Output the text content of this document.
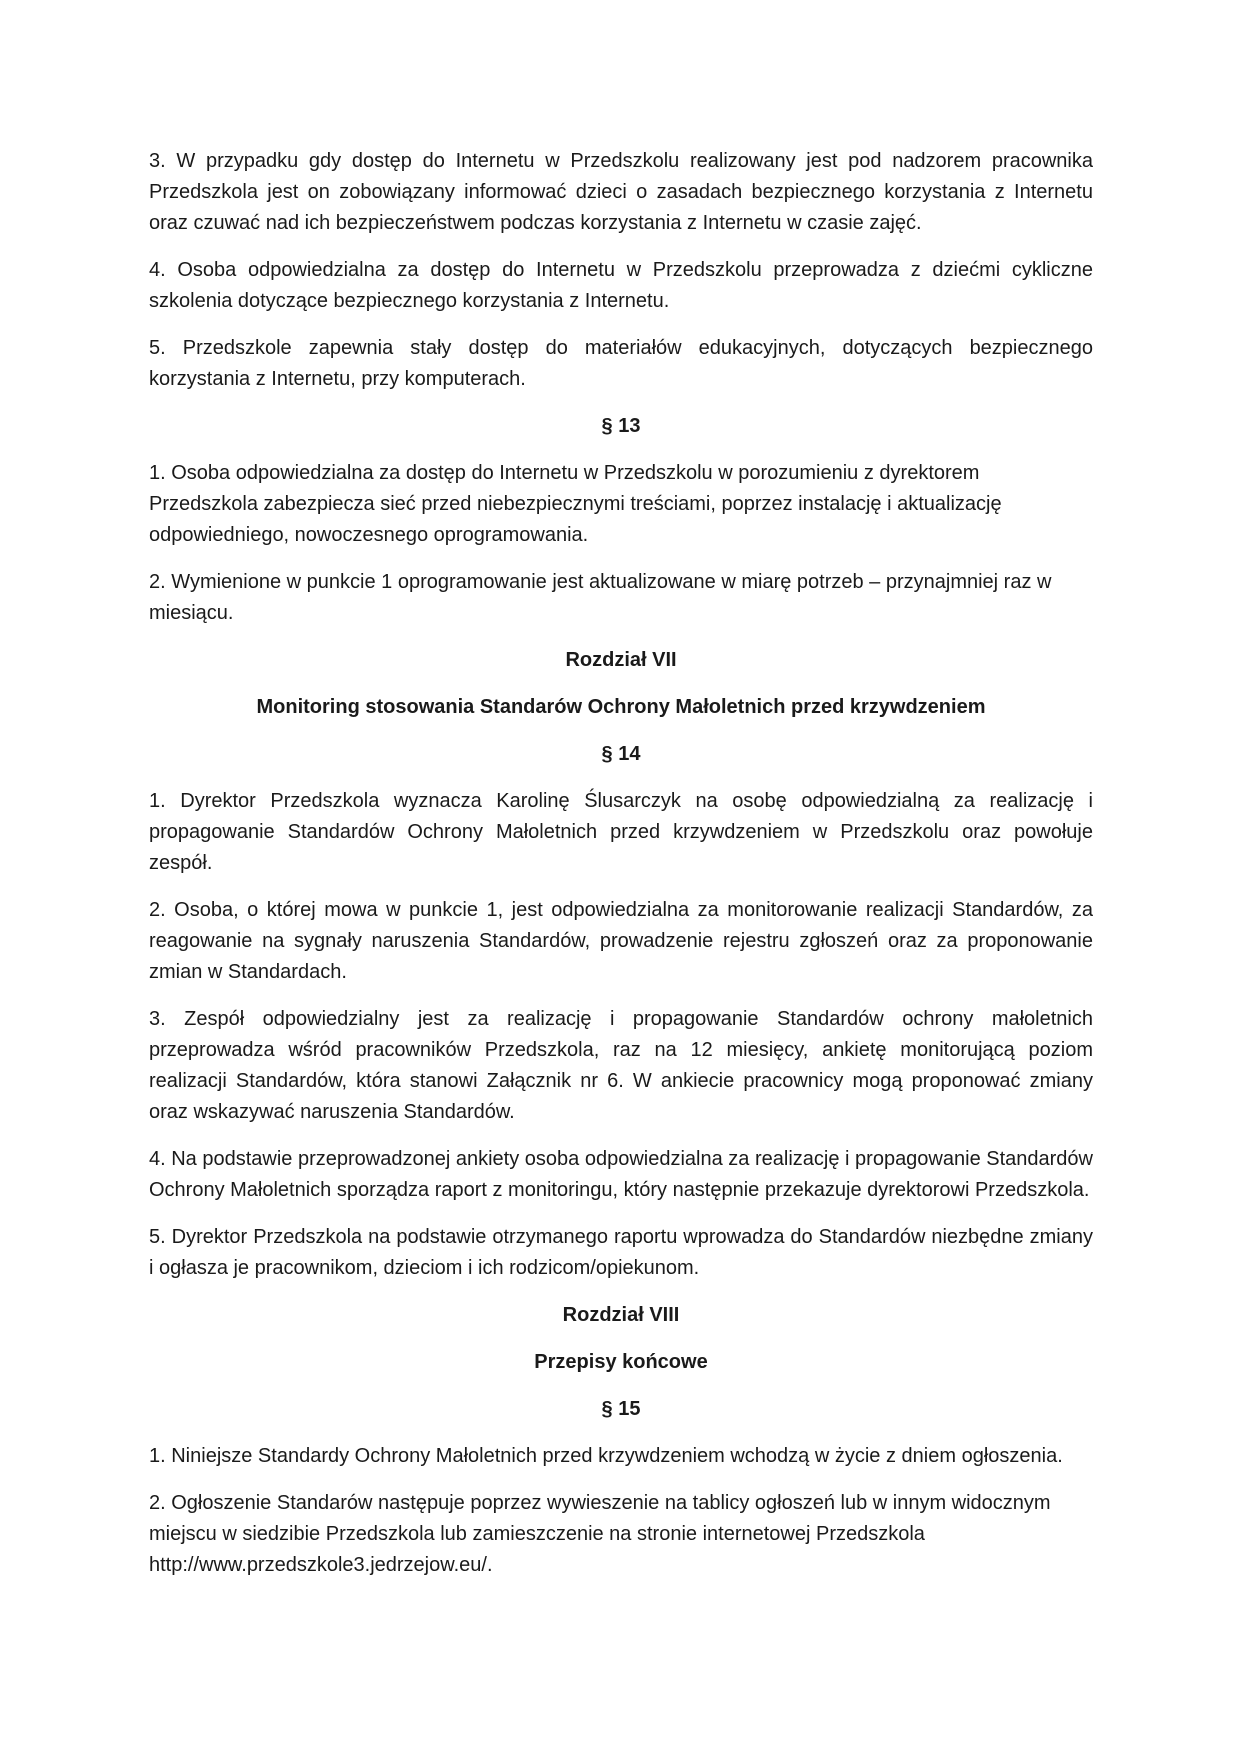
3. W przypadku gdy dostęp do Internetu w Przedszkolu realizowany jest pod nadzorem pracownika Przedszkola jest on zobowiązany informować dzieci o zasadach bezpiecznego korzystania z Internetu oraz czuwać nad ich bezpieczeństwem podczas korzystania z Internetu w czasie zajęć.

4. Osoba odpowiedzialna za dostęp do Internetu w Przedszkolu przeprowadza z dziećmi cykliczne szkolenia dotyczące bezpiecznego korzystania z Internetu.

5. Przedszkole zapewnia stały dostęp do materiałów edukacyjnych, dotyczących bezpiecznego korzystania z Internetu, przy komputerach.

§ 13

1. Osoba odpowiedzialna za dostęp do Internetu w Przedszkolu w porozumieniu z dyrektorem Przedszkola zabezpiecza sieć przed niebezpiecznymi treściami, poprzez instalację i aktualizację odpowiedniego, nowoczesnego oprogramowania.

2. Wymienione w punkcie 1 oprogramowanie jest aktualizowane w miarę potrzeb – przynajmniej raz w miesiącu.

Rozdział VII
Monitoring stosowania Standarów Ochrony Małoletnich przed krzywdzeniem
§ 14

1. Dyrektor Przedszkola wyznacza Karolinę Ślusarczyk na osobę odpowiedzialną za realizację i propagowanie Standardów Ochrony Małoletnich przed krzywdzeniem w Przedszkolu oraz powołuje zespół.

2. Osoba, o której mowa w punkcie 1, jest odpowiedzialna za monitorowanie realizacji Standardów, za reagowanie na sygnały naruszenia Standardów, prowadzenie rejestru zgłoszeń oraz za proponowanie zmian w Standardach.

3. Zespół odpowiedzialny jest za realizację i propagowanie Standardów ochrony małoletnich przeprowadza wśród pracowników Przedszkola, raz na 12 miesięcy, ankietę monitorującą poziom realizacji Standardów, która stanowi Załącznik nr 6. W ankiecie pracownicy mogą proponować zmiany oraz wskazywać naruszenia Standardów.

4. Na podstawie przeprowadzonej ankiety osoba odpowiedzialna za realizację i propagowanie Standardów Ochrony Małoletnich sporządza raport z monitoringu, który następnie przekazuje dyrektorowi Przedszkola.

5. Dyrektor Przedszkola na podstawie otrzymanego raportu wprowadza do Standardów niezbędne zmiany i ogłasza je pracownikom, dzieciom i ich rodzicom/opiekunom.

Rozdział VIII
Przepisy końcowe
§ 15

1. Niniejsze Standardy Ochrony Małoletnich przed krzywdzeniem wchodzą w życie z dniem ogłoszenia.

2. Ogłoszenie Standarów następuje poprzez wywieszenie na tablicy ogłoszeń lub w innym widocznym miejscu w siedzibie Przedszkola lub zamieszczenie na stronie internetowej Przedszkola http://www.przedszkole3.jedrzejow.eu/.
